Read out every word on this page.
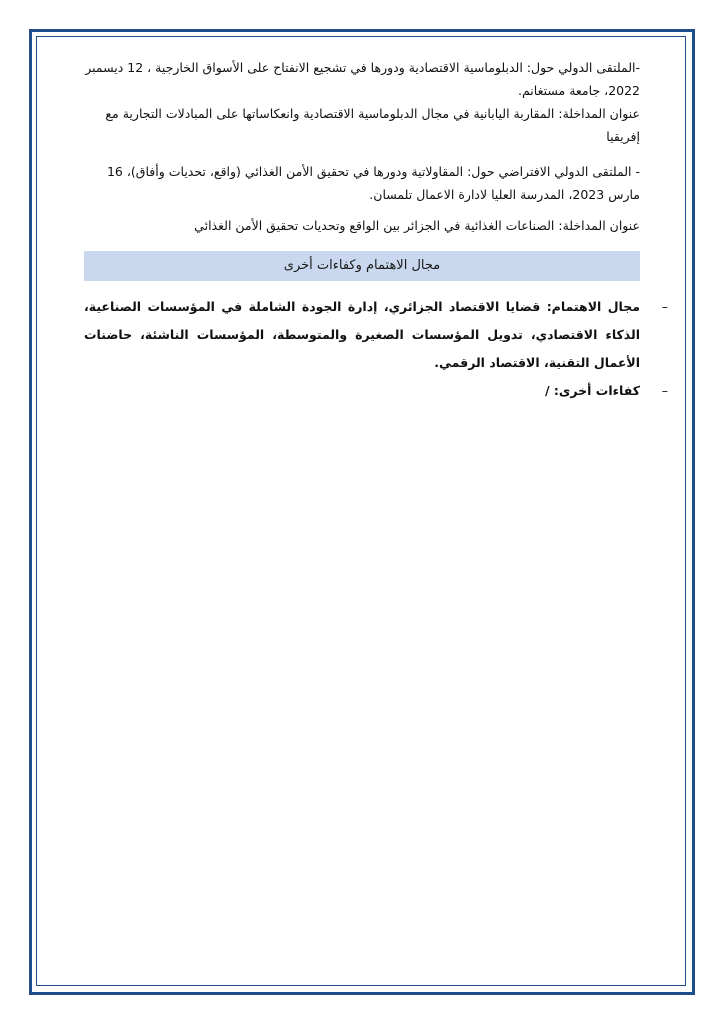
-الملتقى الدولي حول: الدبلوماسية الاقتصادية ودورها في تشجيع الانفتاح على الأسواق الخارجية ، 12 ديسمبر 2022، جامعة مستغانم.

عنوان المداخلة: المقاربة اليابانية في مجال الدبلوماسية الاقتصادية وانعكاساتها على المبادلات التجارية مع إفريقيا

- الملتقى الدولي الافتراضي حول: المقاولاتية ودورها في تحقيق الأمن الغذائي (واقع، تحديات وأفاق)، 16 مارس 2023، المدرسة العليا لادارة الاعمال تلمسان.

عنوان المداخلة: الصناعات الغذائية في الجزائر بين الواقع وتحديات تحقيق الأمن الغذائي

مجال الاهتمام وكفاءات أخرى
–
مجال الاهتمام: قضايا الاقتصاد الجزائري، إدارة الجودة الشاملة في المؤسسات الصناعية، الذكاء الاقتصادي، تدويل المؤسسات الصغيرة والمتوسطة، المؤسسات الناشئة، حاضنات الأعمال التقنية، الاقتصاد الرقمي.
–
كفاءات أخرى: /
